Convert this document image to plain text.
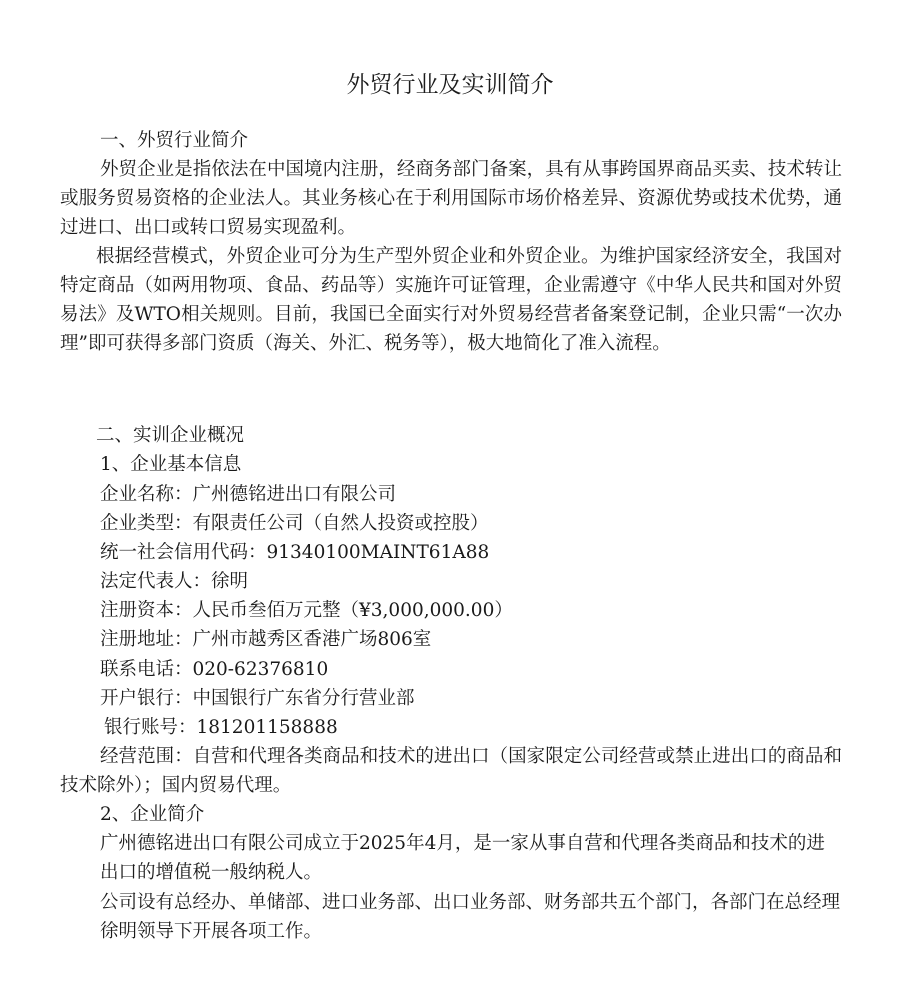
外贸行业及实训简介
一、外贸行业简介

外贸企业是指依法在中国境内注册，经商务部门备案，具有从事跨国界商品买卖、技术转让或服务贸易资格的企业法人。其业务核心在于利用国际市场价格差异、资源优势或技术优势，通过进口、出口或转口贸易实现盈利。

根据经营模式，外贸企业可分为生产型外贸企业和外贸企业。为维护国家经济安全，我国对特定商品（如两用物项、食品、药品等）实施许可证管理，企业需遵守《中华人民共和国对外贸易法》及WTO相关规则。目前，我国已全面实行对外贸易经营者备案登记制，企业只需“一次办理”即可获得多部门资质（海关、外汇、税务等），极大地简化了准入流程。

二、实训企业概况
1、企业基本信息
企业名称：广州德铭进出口有限公司
企业类型：有限责任公司（自然人投资或控股）
统一社会信用代码：91340100MAINT61A88
法定代表人：徐明
注册资本：人民币叁佰万元整（¥3,000,000.00）
注册地址：广州市越秀区香港广场806室
联系电话：020-62376810
开户银行：中国银行广东省分行营业部
银行账号：181201158888

经营范围：自营和代理各类商品和技术的进出口（国家限定公司经营或禁止进出口的商品和技术除外）；国内贸易代理。

2、企业简介

广州德铭进出口有限公司成立于2025年4月，是一家从事自营和代理各类商品和技术的进出口的增值税一般纳税人。

公司设有总经办、单储部、进口业务部、出口业务部、财务部共五个部门，各部门在总经理徐明领导下开展各项工作。
